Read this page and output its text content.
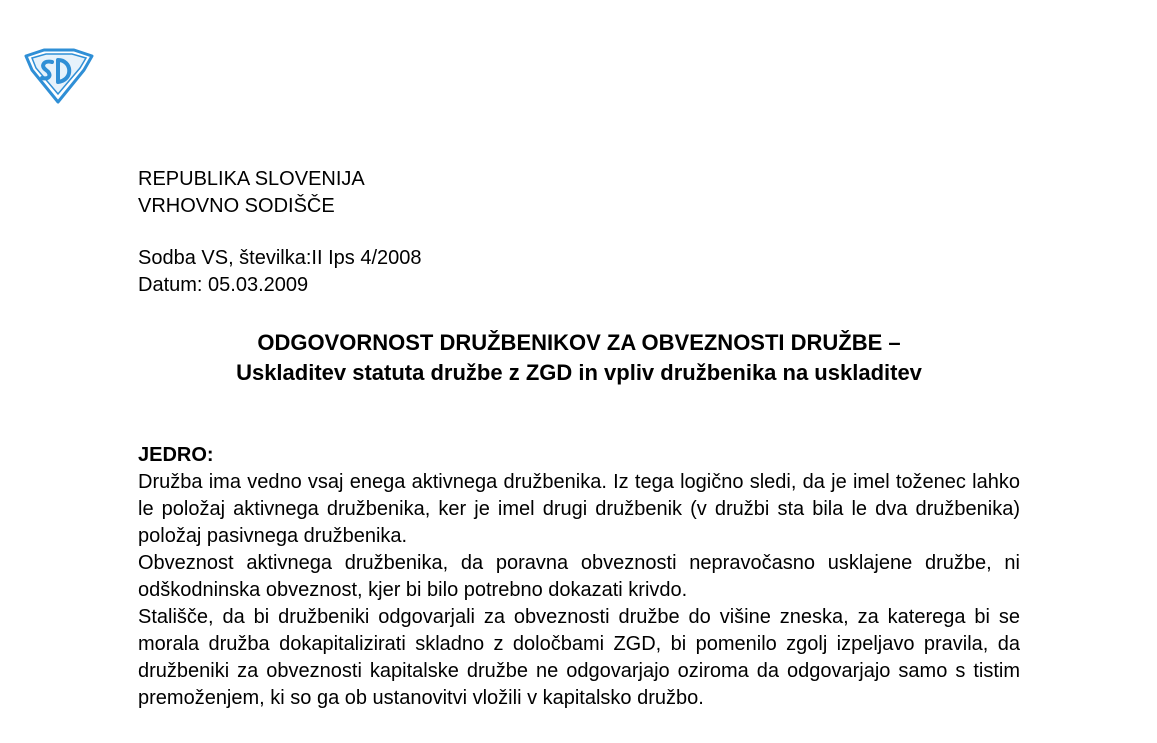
REPUBLIKA SLOVENIJA
VRHOVNO SODIŠČE
Sodba VS, številka:II Ips 4/2008
Datum: 05.03.2009
ODGOVORNOST DRUŽBENIKOV ZA OBVEZNOSTI DRUŽBE –
Uskladitev statuta družbe z ZGD in vpliv družbenika na uskladitev
JEDRO:

Družba ima vedno vsaj enega aktivnega družbenika. Iz tega logično sledi, da je imel toženec lahko le položaj aktivnega družbenika, ker je imel drugi družbenik (v družbi sta bila le dva družbenika) položaj pasivnega družbenika.

Obveznost aktivnega družbenika, da poravna obveznosti nepravočasno usklajene družbe, ni odškodninska obveznost, kjer bi bilo potrebno dokazati krivdo.

Stališče, da bi družbeniki odgovarjali za obveznosti družbe do višine zneska, za katerega bi se morala družba dokapitalizirati skladno z določbami ZGD, bi pomenilo zgolj izpeljavo pravila, da družbeniki za obveznosti kapitalske družbe ne odgovarjajo oziroma da odgovarjajo samo s tistim premoženjem, ki so ga ob ustanovitvi vložili v kapitalsko družbo.
